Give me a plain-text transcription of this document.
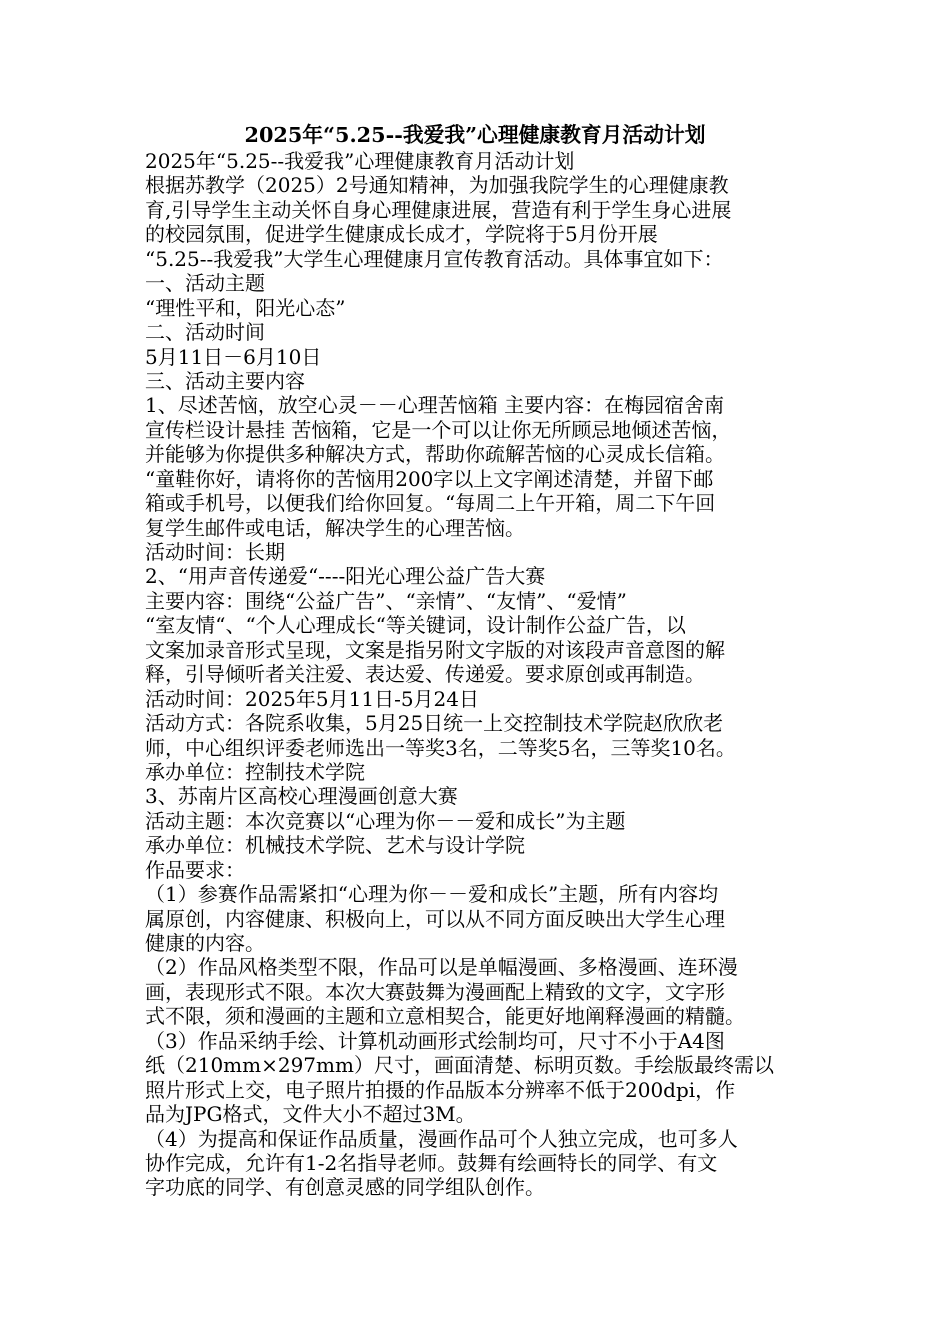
2025年“5.25--我爱我”心理健康教育月活动计划
2025年“5.25--我爱我”心理健康教育月活动计划
根据苏教学（2025）2号通知精神，为加强我院学生的心理健康教
育,引导学生主动关怀自身心理健康进展，营造有利于学生身心进展
的校园氛围，促进学生健康成长成才，学院将于5月份开展
“5.25--我爱我”大学生心理健康月宣传教育活动。具体事宜如下：
一、活动主题
“理性平和，阳光心态”
二、活动时间
5月11日－6月10日
三、活动主要内容
1、尽述苦恼，放空心灵－－心理苦恼箱 主要内容：在梅园宿舍南
宣传栏设计悬挂 苦恼箱，它是一个可以让你无所顾忌地倾述苦恼，
并能够为你提供多种解决方式，帮助你疏解苦恼的心灵成长信箱。
“童鞋你好，请将你的苦恼用200字以上文字阐述清楚，并留下邮
箱或手机号，以便我们给你回复。“每周二上午开箱，周二下午回
复学生邮件或电话，解决学生的心理苦恼。
活动时间：长期
2、“用声音传递爱“----阳光心理公益广告大赛
主要内容：围绕“公益广告”、“亲情”、“友情”、“爱情”
“室友情“、“个人心理成长“等关键词，设计制作公益广告，以
文案加录音形式呈现，文案是指另附文字版的对该段声音意图的解
释，引导倾听者关注爱、表达爱、传递爱。要求原创或再制造。
活动时间：2025年5月11日-5月24日
活动方式：各院系收集，5月25日统一上交控制技术学院赵欣欣老
师，中心组织评委老师选出一等奖3名，二等奖5名，三等奖10名。
承办单位：控制技术学院
3、苏南片区高校心理漫画创意大赛
活动主题：本次竞赛以“心理为你－－爱和成长”为主题
承办单位：机械技术学院、艺术与设计学院
作品要求：
（1）参赛作品需紧扣“心理为你－－爱和成长”主题，所有内容均
属原创，内容健康、积极向上，可以从不同方面反映出大学生心理
健康的内容。
（2）作品风格类型不限，作品可以是单幅漫画、多格漫画、连环漫
画，表现形式不限。本次大赛鼓舞为漫画配上精致的文字，文字形
式不限，须和漫画的主题和立意相契合，能更好地阐释漫画的精髓。
（3）作品采纳手绘、计算机动画形式绘制均可，尺寸不小于A4图
纸（210mm×297mm）尺寸，画面清楚、标明页数。手绘版最终需以
照片形式上交，电子照片拍摄的作品版本分辨率不低于200dpi，作
品为JPG格式，文件大小不超过3M。
（4）为提高和保证作品质量，漫画作品可个人独立完成，也可多人
协作完成，允许有1-2名指导老师。鼓舞有绘画特长的同学、有文
字功底的同学、有创意灵感的同学组队创作。
